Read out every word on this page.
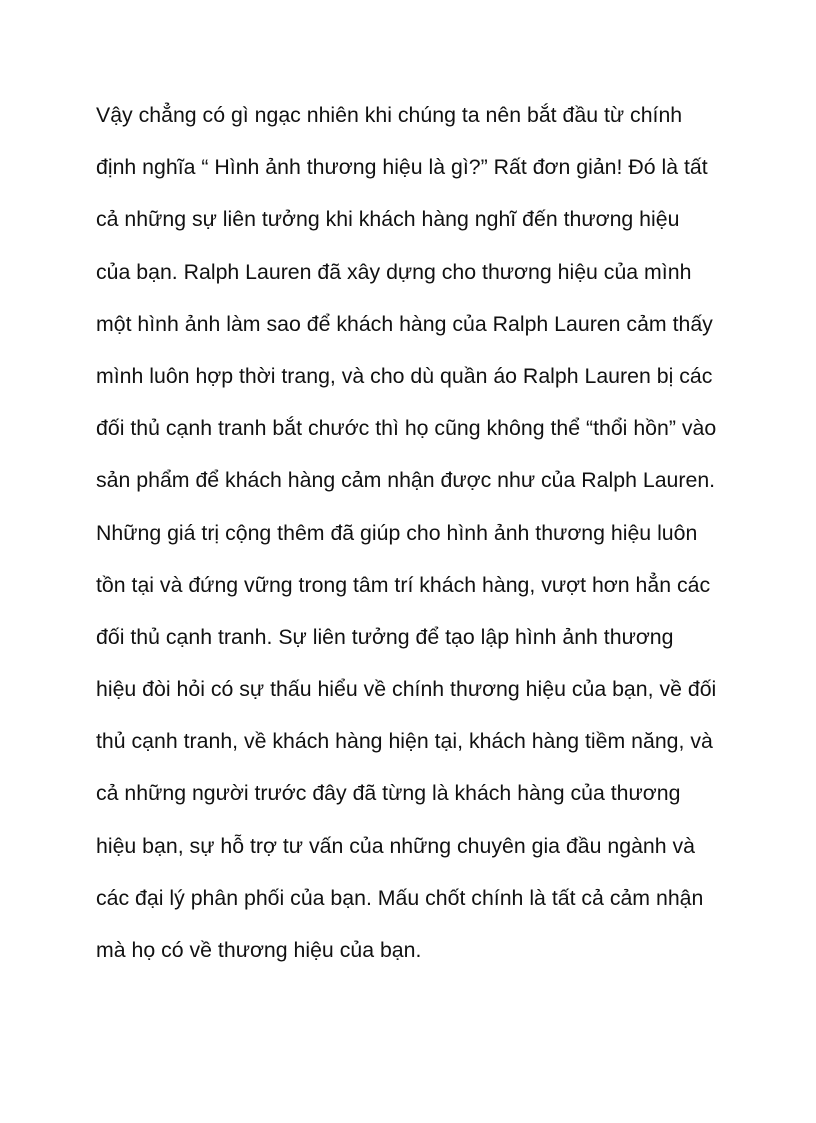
Vậy chẳng có gì ngạc nhiên khi chúng ta nên bắt đầu từ chính
định nghĩa “ Hình ảnh thương hiệu là gì?” Rất đơn giản! Đó là tất
cả những sự liên tưởng khi khách hàng nghĩ đến thương hiệu
của bạn. Ralph Lauren đã xây dựng cho thương hiệu của mình
một hình ảnh làm sao để khách hàng của Ralph Lauren cảm thấy
mình luôn hợp thời trang, và cho dù quần áo Ralph Lauren bị các
đối thủ cạnh tranh bắt chước thì họ cũng không thể “thổi hồn” vào
sản phẩm để khách hàng cảm nhận được như của Ralph Lauren.
Những giá trị cộng thêm đã giúp cho hình ảnh thương hiệu luôn
tồn tại và đứng vững trong tâm trí khách hàng, vượt hơn hẳn các
đối thủ cạnh tranh. Sự liên tưởng để tạo lập hình ảnh thương
hiệu đòi hỏi có sự thấu hiểu về chính thương hiệu của bạn, về đối
thủ cạnh tranh, về khách hàng hiện tại, khách hàng tiềm năng, và
cả những người trước đây đã từng là khách hàng của thương
hiệu bạn, sự hỗ trợ tư vấn của những chuyên gia đầu ngành và
các đại lý phân phối của bạn. Mấu chốt chính là tất cả cảm nhận
mà họ có về thương hiệu của bạn.
